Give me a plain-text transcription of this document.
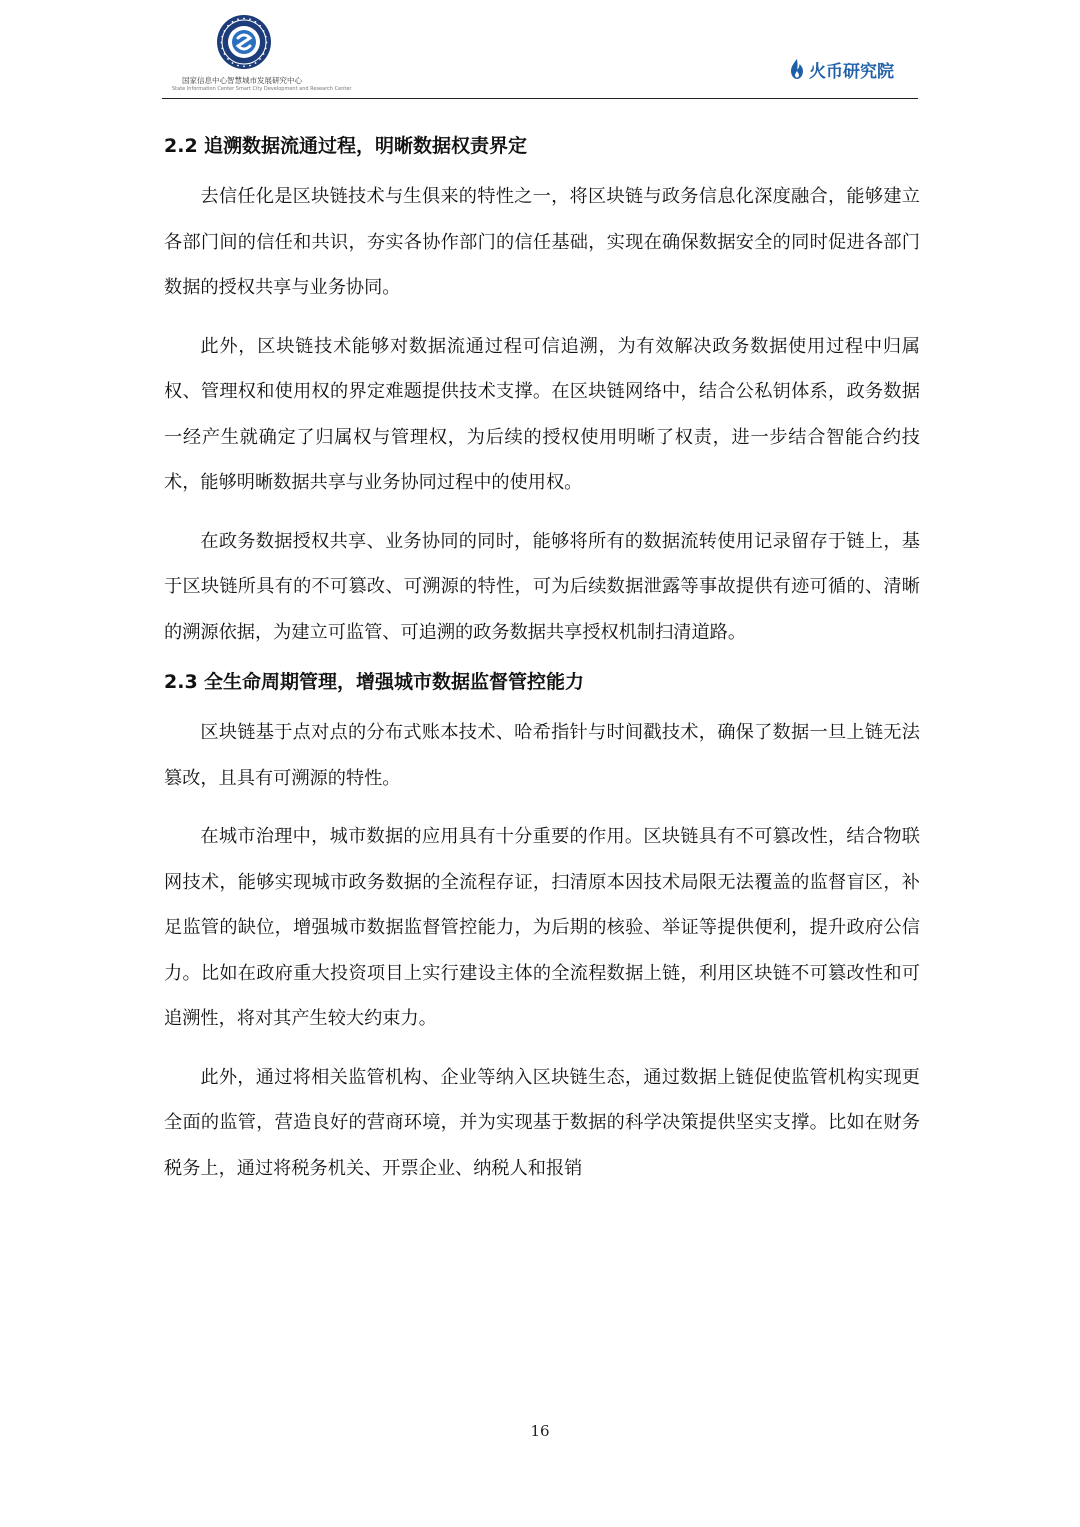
国家信息中心智慧城市发展研究中心
State Information Center Smart City Development and Research Center
火币研究院
2.2 追溯数据流通过程，明晰数据权责界定

去信任化是区块链技术与生俱来的特性之一，将区块链与政务信息化深度融合，能够建立各部门间的信任和共识，夯实各协作部门的信任基础，实现在确保数据安全的同时促进各部门数据的授权共享与业务协同。

此外，区块链技术能够对数据流通过程可信追溯，为有效解决政务数据使用过程中归属权、管理权和使用权的界定难题提供技术支撑。在区块链网络中，结合公私钥体系，政务数据一经产生就确定了归属权与管理权，为后续的授权使用明晰了权责，进一步结合智能合约技术，能够明晰数据共享与业务协同过程中的使用权。

在政务数据授权共享、业务协同的同时，能够将所有的数据流转使用记录留存于链上，基于区块链所具有的不可篡改、可溯源的特性，可为后续数据泄露等事故提供有迹可循的、清晰的溯源依据，为建立可监管、可追溯的政务数据共享授权机制扫清道路。

2.3 全生命周期管理，增强城市数据监督管控能力

区块链基于点对点的分布式账本技术、哈希指针与时间戳技术，确保了数据一旦上链无法篡改，且具有可溯源的特性。

在城市治理中，城市数据的应用具有十分重要的作用。区块链具有不可篡改性，结合物联网技术，能够实现城市政务数据的全流程存证，扫清原本因技术局限无法覆盖的监督盲区，补足监管的缺位，增强城市数据监督管控能力，为后期的核验、举证等提供便利，提升政府公信力。比如在政府重大投资项目上实行建设主体的全流程数据上链，利用区块链不可篡改性和可追溯性，将对其产生较大约束力。

此外，通过将相关监管机构、企业等纳入区块链生态，通过数据上链促使监管机构实现更全面的监管，营造良好的营商环境，并为实现基于数据的科学决策提供坚实支撑。比如在财务税务上，通过将税务机关、开票企业、纳税人和报销

16
